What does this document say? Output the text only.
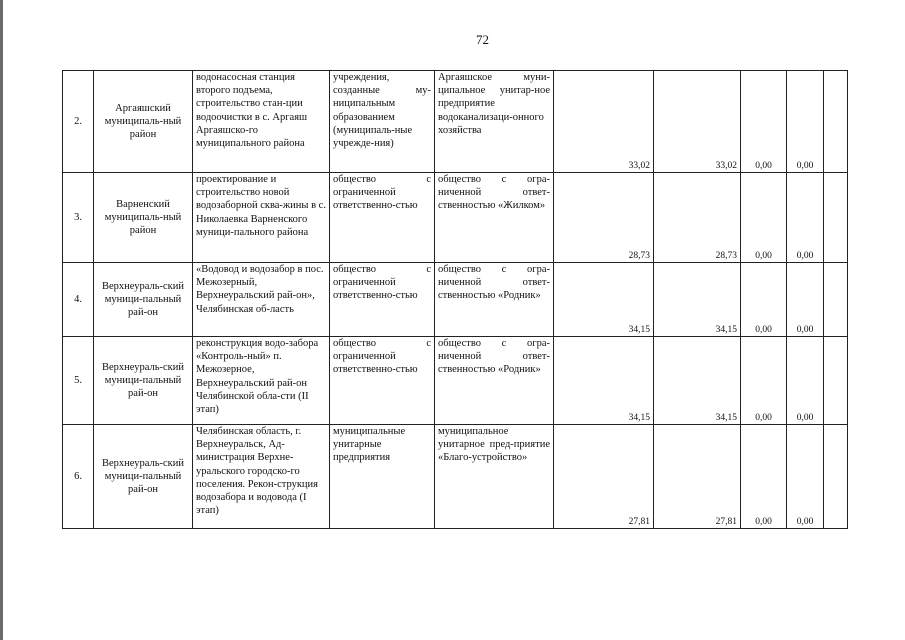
72
2.	Аргаяшский муниципаль-ный район	водонасосная станция второго подъема, строительство стан-ции водоочистки в с. Аргаяш Аргаяшско-го муниципального района	учреждения, созданные му-ниципальным образованием (муниципаль-ные учрежде-ния)	Аргаяшское муни-ципальное унитар-ное предприятие водоканализаци-онного хозяйства	33,02	33,02	0,00	0,00	
3.	Варненский муниципаль-ный район	проектирование и строительство новой водозаборной сква-жины в с. Николаевка Варненского муници-пального района	общество с ограниченной ответственно-стью	общество с огра-ниченной ответ-ственностью «Жилком»	28,73	28,73	0,00	0,00	
4.	Верхнеураль-ский муници-пальный рай-он	«Водовод и водозабор в пос. Межозерный, Верхнеуральский рай-он», Челябинская об-ласть	общество с ограниченной ответственно-стью	общество с огра-ниченной ответ-ственностью «Родник»	34,15	34,15	0,00	0,00	
5.	Верхнеураль-ский муници-пальный рай-он	реконструкция водо-забора «Контроль-ный» п. Межозерное, Верхнеуральский рай-он Челябинской обла-сти (II этап)	общество с ограниченной ответственно-стью	общество с огра-ниченной ответ-ственностью «Родник»	34,15	34,15	0,00	0,00	
6.	Верхнеураль-ский муници-пальный рай-он	Челябинская область, г. Верхнеуральск, Ад-министрация Верхне-уральского городско-го поселения. Рекон-струкция водозабора и водовода (I этап)	муниципальные унитарные предприятия	муниципальное унитарное пред-приятие «Благо-устройство»	27,81	27,81	0,00	0,00	
